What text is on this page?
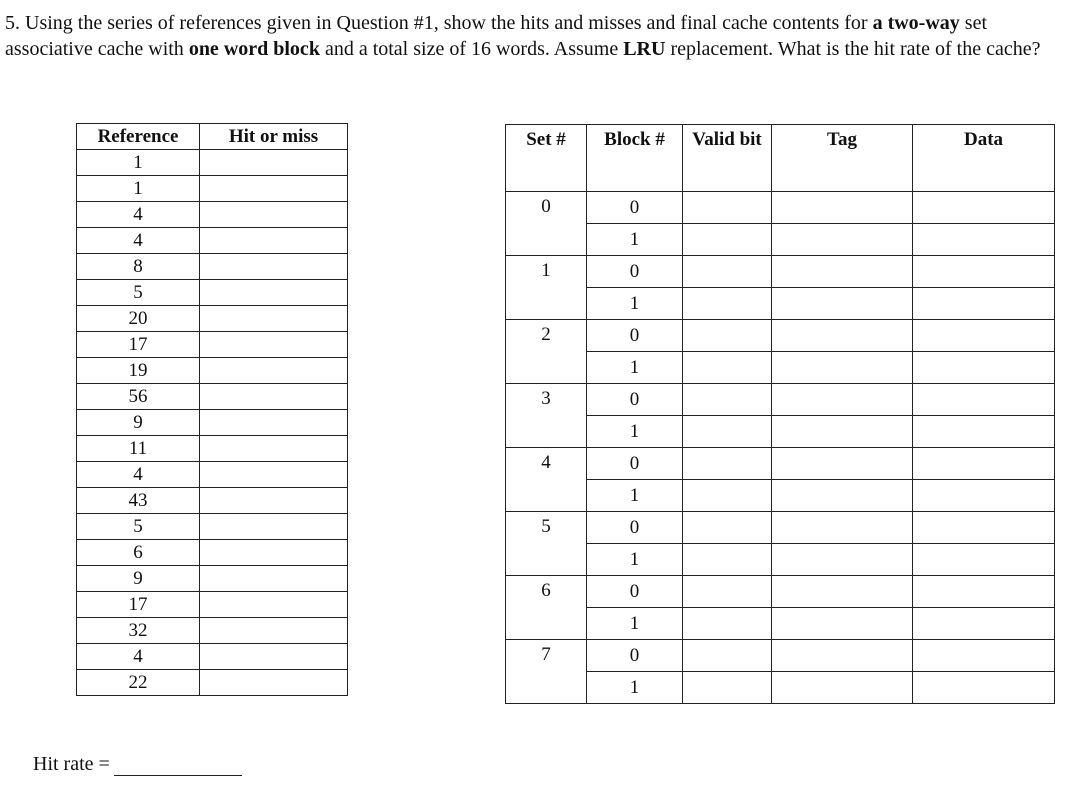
5. Using the series of references given in Question #1, show the hits and misses and final cache contents for a two-way set associative cache with one word block and a total size of 16 words. Assume LRU replacement. What is the hit rate of the cache?
Reference	Hit or miss
1	
1	
4	
4	
8	
5	
20	
17	
19	
56	
9	
11	
4	
43	
5	
6	
9	
17	
32	
4	
22	
Set #	Block #	Valid bit	Tag	Data
0	0			
	1			
1	0			
	1			
2	0			
	1			
3	0			
	1			
4	0			
	1			
5	0			
	1			
6	0			
	1			
7	0			
	1			
Hit rate =
